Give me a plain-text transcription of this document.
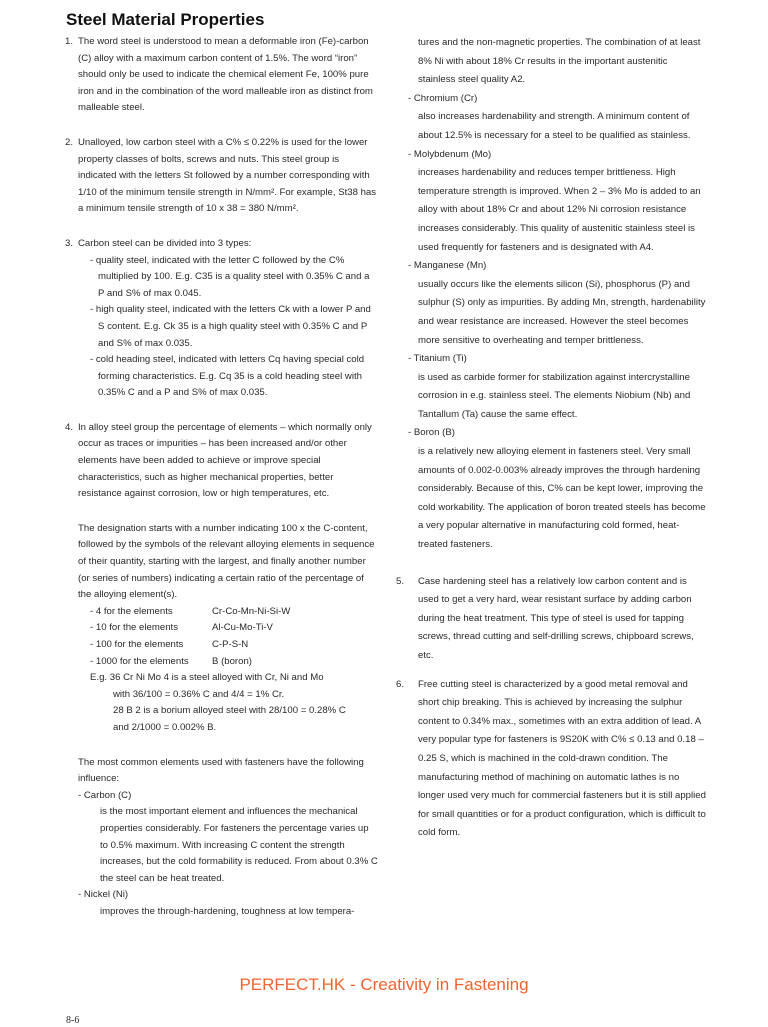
Steel Material Properties
1. The word steel is understood to mean a deformable iron (Fe)-carbon (C) alloy with a maximum carbon content of 1.5%. The word “iron” should only be used to indicate the chemical element Fe, 100% pure iron and in the combination of the word malleable iron as distinct from malleable steel.

2. Unalloyed, low carbon steel with a C% ≤ 0.22% is used for the lower property classes of bolts, screws and nuts. This steel group is indicated with the letters St followed by a number corresponding with 1/10 of the minimum tensile strength in N/mm². For example, St38 has a minimum tensile strength of 10 x 38 = 380 N/mm².

3. Carbon steel can be divided into 3 types:

- quality steel, indicated with the letter C followed by the C% multiplied by 100. E.g. C35 is a quality steel with 0.35% C and a P and S% of max 0.045.

- high quality steel, indicated with the letters Ck with a lower P and S content. E.g. Ck 35 is a high quality steel with 0.35% C and P and S% of max 0.035.

- cold heading steel, indicated with letters Cq having special cold forming characteristics. E.g. Cq 35 is a cold heading steel with 0.35% C and a P and S% of max 0.035.

4. In alloy steel group the percentage of elements – which normally only occur as traces or impurities – has been increased and/or other elements have been added to achieve or improve special characteristics, such as higher mechanical properties, better resistance against corrosion, low or high temperatures, etc.

The designation starts with a number indicating 100 x the C-content, followed by the symbols of the relevant alloying elements in sequence of their quantity, starting with the largest, and finally another number (or series of numbers) indicating a certain ratio of the percentage of the alloying element(s).

- 4 for the elements	Cr-Co-Mn-Ni-Si-W
- 10 for the elements	Al-Cu-Mo-Ti-V
- 100 for the elements	C-P-S-N
- 1000 for the elements	B (boron)

E.g. 36 Cr Ni Mo 4 is a steel alloyed with Cr, Ni and Mo

with 36/100 = 0.36% C and 4/4 = 1% Cr.

28 B 2 is a borium alloyed steel with 28/100 = 0.28% C

and 2/1000 = 0.002% B.

The most common elements used with fasteners have the following influence:

- Carbon (C)

is the most important element and influences the mechanical properties considerably. For fasteners the percentage varies up to 0.5% maximum. With increasing C content the strength increases, but the cold formability is reduced. From about 0.3% C the steel can be heat treated.

- Nickel (Ni)

improves the through-hardening, toughness at low tempera-

tures and the non-magnetic properties. The combination of at least 8% Ni with about 18% Cr results in the important austenitic stainless steel quality A2.

- Chromium (Cr)

also increases hardenability and strength. A minimum content of about 12.5% is necessary for a steel to be qualified as stainless.

- Molybdenum (Mo)

increases hardenability and reduces temper brittleness. High temperature strength is improved. When 2 – 3% Mo is added to an alloy with about 18% Cr and about 12% Ni corrosion resistance increases considerably. This quality of austenitic stainless steel is used frequently for fasteners and is designated with A4.

- Manganese (Mn)

usually occurs like the elements silicon (Si), phosphorus (P) and sulphur (S) only as impurities. By adding Mn, strength, hardenability and wear resistance are increased. However the steel becomes more sensitive to overheating and temper brittleness.

- Titanium (Ti)

is used as carbide former for stabilization against intercrystalline corrosion in e.g. stainless steel. The elements Niobium (Nb) and Tantallum (Ta) cause the same effect.

- Boron (B)

is a relatively new alloying element in fasteners steel. Very small amounts of 0.002-0.003% already improves the through hardening considerably. Because of this, C% can be kept lower, improving the cold workability. The application of boron treated steels has become a very popular alternative in manufacturing cold formed, heat-treated fasteners.

5.	Case hardening steel has a relatively low carbon content and is used to get a very hard, wear resistant surface by adding carbon during the heat treatment. This type of steel is used for tapping screws, thread cutting and self-drilling screws, chipboard screws, etc.

6.	Free cutting steel is characterized by a good metal removal and short chip breaking. This is achieved by increasing the sulphur content to 0.34% max., sometimes with an extra addition of lead. A very popular type for fasteners is 9S20K with C% ≤ 0.13 and 0.18 – 0.25 S, which is machined in the cold-drawn condition. The manufacturing method of machining on automatic lathes is no longer used very much for commercial fasteners but it is still applied for small quantities or for a product configuration, which is difficult to cold form.

8-6
PERFECT.HK - Creativity in Fastening
